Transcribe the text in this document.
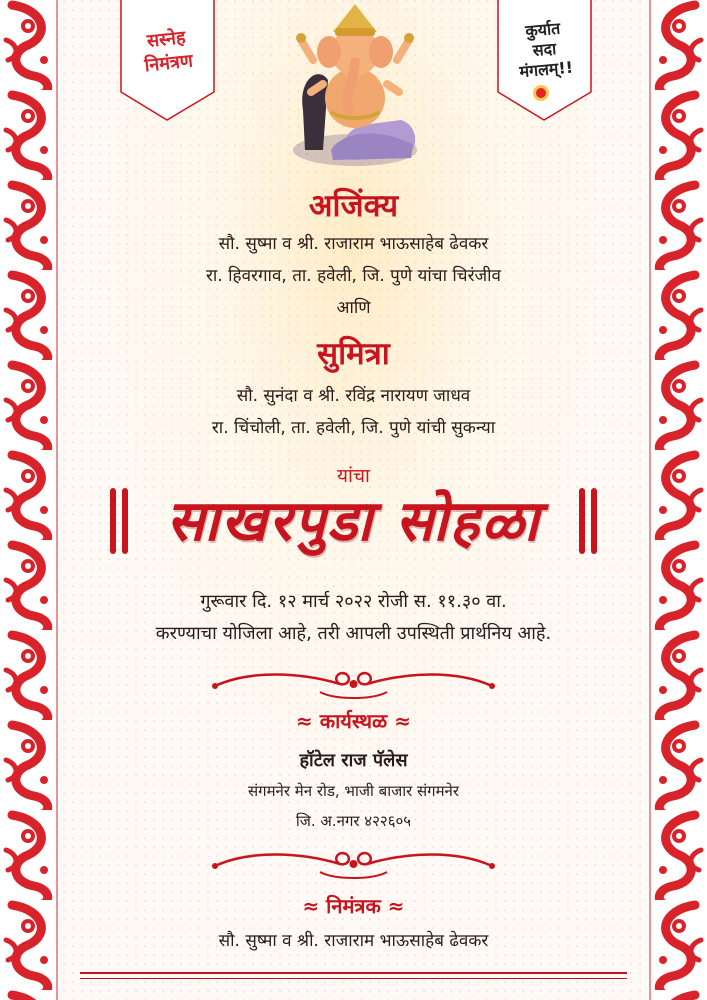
सस्नेह
निमंत्रण
कुर्यात
सदा
मंगलम्!!
अजिंक्य
सौ. सुष्मा व श्री. राजाराम भाऊसाहेब ढेवकर
रा. हिवरगाव, ता. हवेली, जि. पुणे यांचा चिरंजीव
आणि
सुमित्रा
सौ. सुनंदा व श्री. रविंद्र नारायण जाधव
रा. चिंचोली, ता. हवेली, जि. पुणे यांची सुकन्या
यांचा
साखरपुडा सोहळा
गुरूवार दि. १२ मार्च २०२२ रोजी स. ११.३० वा.
करण्याचा योजिला आहे, तरी आपली उपस्थिती प्रार्थनिय आहे.
≈ कार्यस्थळ ≈
हॉटेल राज पॅलेस
संगमनेर मेन रोड, भाजी बाजार संगमनेर
जि. अ.नगर ४२२६०५
≈ निमंत्रक ≈
सौ. सुष्मा व श्री. राजाराम भाऊसाहेब ढेवकर
